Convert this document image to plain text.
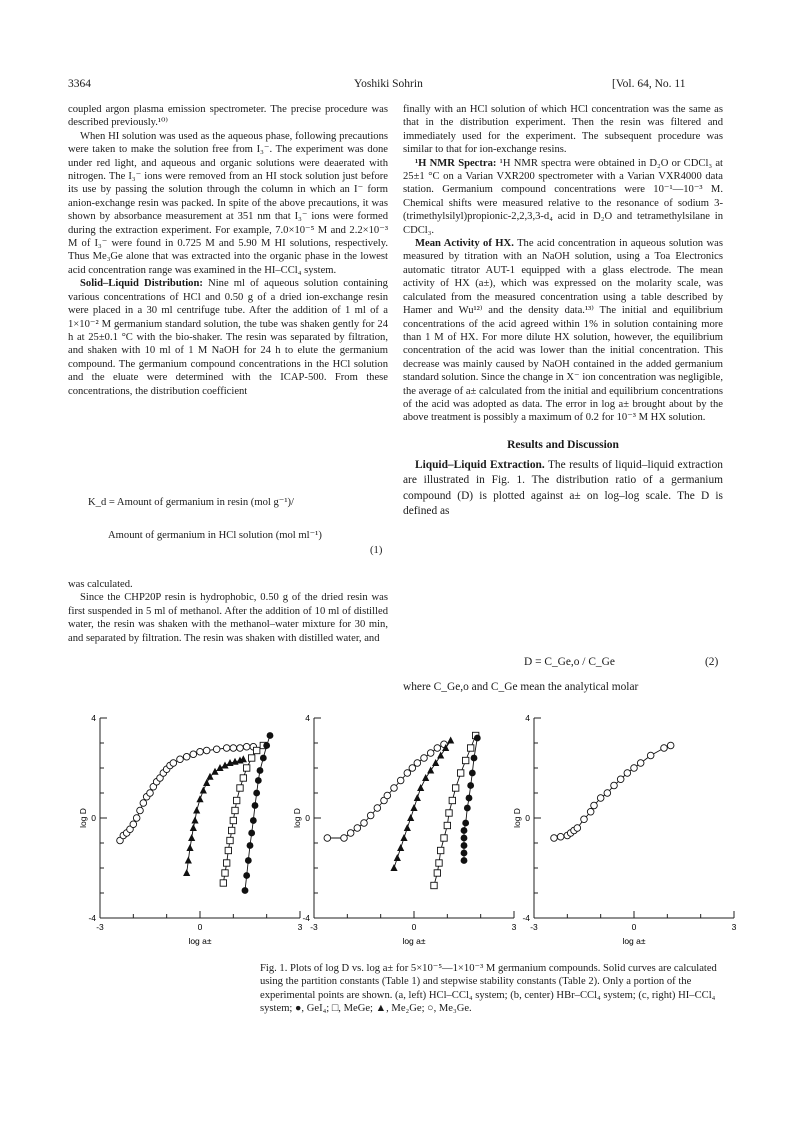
3364	Yoshiki Sohrin	[Vol. 64, No. 11

coupled argon plasma emission spectrometer. The precise procedure was described previously.¹⁰⁾

When HI solution was used as the aqueous phase, following precautions were taken to make the solution free from I₃⁻. The experiment was done under red light, and aqueous and organic solutions were deaerated with nitrogen. The I₃⁻ ions were removed from an HI stock solution just before its use by passing the solution through the column in which an I⁻ form anion-exchange resin was packed. In spite of the above precautions, it was shown by absorbance measurement at 351 nm that I₃⁻ ions were formed during the extraction experiment. For example, 7.0×10⁻⁵ M and 2.2×10⁻³ M of I₃⁻ were found in 0.725 M and 5.90 M HI solutions, respectively. Thus Me₃Ge alone that was extracted into the organic phase in the lowest acid concentration range was examined in the HI–CCl₄ system.

Solid–Liquid Distribution: Nine ml of aqueous solution containing various concentrations of HCl and 0.50 g of a dried ion-exchange resin were placed in a 30 ml centrifuge tube. After the addition of 1 ml of a 1×10⁻² M germanium standard solution, the tube was shaken gently for 24 h at 25±0.1 °C with the bio-shaker. The resin was separated by filtration, and shaken with 10 ml of 1 M NaOH for 24 h to elute the germanium compound. The germanium compound concentrations in the HCl solution and the eluate were determined with the ICAP-500. From these concentrations, the distribution coefficient

K_d = Amount of germanium in resin (mol g⁻¹)/
Amount of germanium in HCl solution (mol ml⁻¹)
(1)

was calculated.

Since the CHP20P resin is hydrophobic, 0.50 g of the dried resin was first suspended in 5 ml of methanol. After the addition of 10 ml of distilled water, the resin was shaken with the methanol–water mixture for 30 min, and separated by filtration. The resin was shaken with distilled water, and

finally with an HCl solution of which HCl concentration was the same as that in the distribution experiment. Then the resin was filtered and immediately used for the experiment. The subsequent procedure was similar to that for ion-exchange resins.

¹H NMR Spectra: ¹H NMR spectra were obtained in D₂O or CDCl₃ at 25±1 °C on a Varian VXR200 spectrometer with a Varian VXR4000 data station. Germanium compound concentrations were 10⁻¹—10⁻³ M. Chemical shifts were measured relative to the resonance of sodium 3-(trimethylsilyl)propionic-2,2,3,3-d₄ acid in D₂O and tetramethylsilane in CDCl₃.

Mean Activity of HX. The acid concentration in aqueous solution was measured by titration with an NaOH solution, using a Toa Electronics automatic titrator AUT-1 equipped with a glass electrode. The mean activity of HX (a±), which was expressed on the molarity scale, was calculated from the measured concentration using a table described by Hamer and Wu¹²⁾ and the density data.¹³⁾ The initial and equilibrium concentrations of the acid agreed within 1% in solution containing more than 1 M of HX. For more dilute HX solution, however, the equilibrium concentration of the acid was lower than the initial concentration. This decrease was mainly caused by NaOH contained in the added germanium standard solution. Since the change in X⁻ ion concentration was negligible, the average of a± calculated from the initial and equilibrium concentrations of the acid was adopted as data. The error in log a± brought about by the above treatment is possibly a maximum of 0.2 for 10⁻³ M HX solution.

Results and Discussion

Liquid–Liquid Extraction. The results of liquid–liquid extraction are illustrated in Fig. 1. The distribution ratio of a germanium compound (D) is plotted against a± on log–log scale. The D is defined as

D = C_Ge,o / C_Ge	(2)
where C_Ge,o and C_Ge mean the analytical molar
4
0
-4
-3	0	3
log D
log a±
4
0
-4
-3	0	3
log D
log a±
4
0
-4
-3	0	3
log D
log a±
Fig. 1. Plots of log D vs. log a± for 5×10⁻⁵—1×10⁻³ M germanium compounds. Solid curves are calculated using the partition constants (Table 1) and stepwise stability constants (Table 2). Only a portion of the experimental points are shown. (a, left) HCl–CCl₄ system; (b, center) HBr–CCl₄ system; (c, right) HI–CCl₄ system; ●, GeI₄; □, MeGe; ▲, Me₂Ge; ○, Me₃Ge.
